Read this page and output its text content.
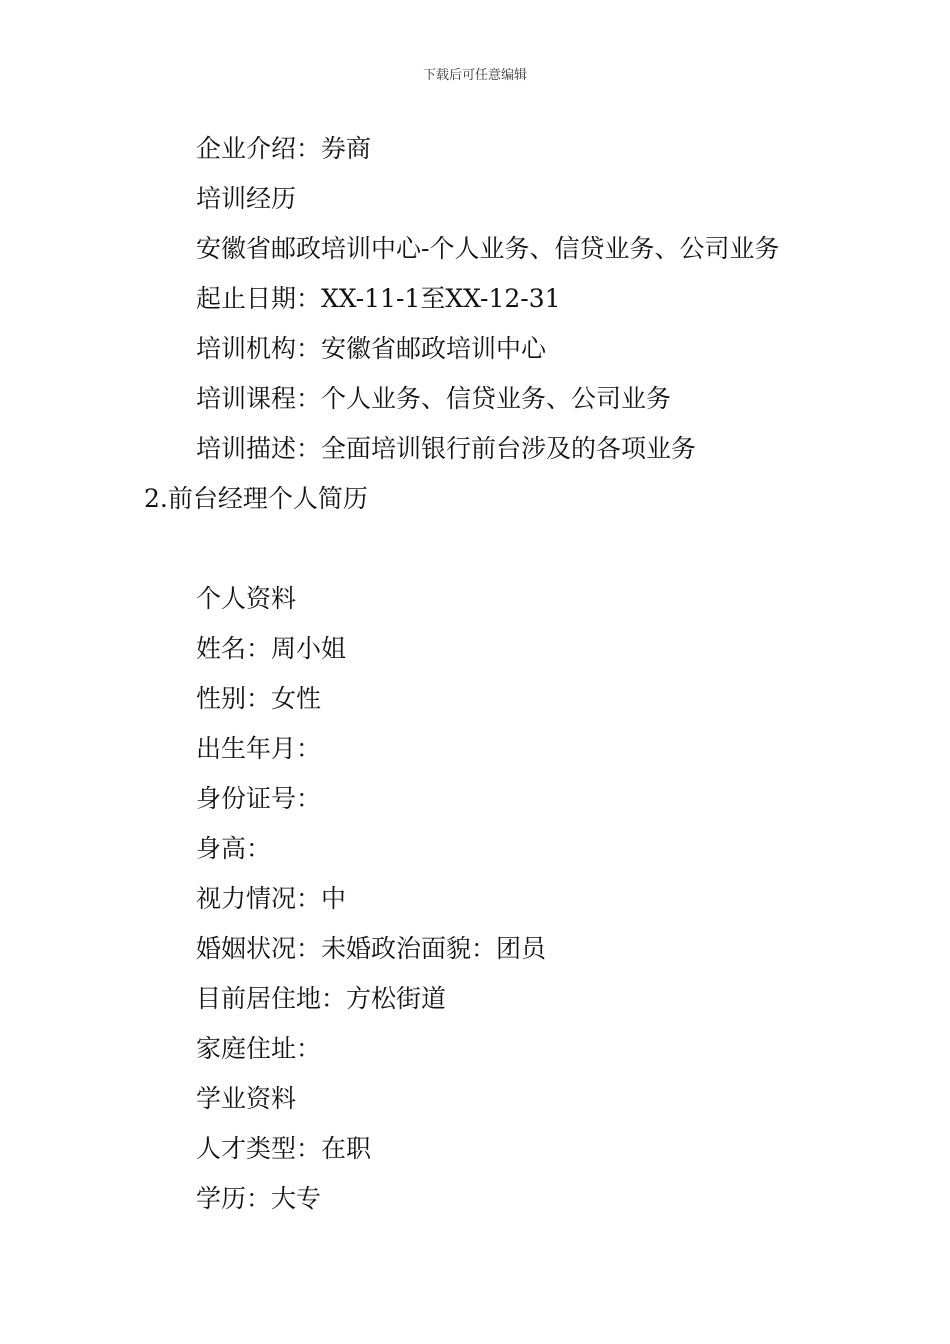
下载后可任意编辑
企业介绍：券商
培训经历
安徽省邮政培训中心-个人业务、信贷业务、公司业务
起止日期：XX-11-1至XX-12-31
培训机构：安徽省邮政培训中心
培训课程：个人业务、信贷业务、公司业务
培训描述：全面培训银行前台涉及的各项业务
2.前台经理个人简历
个人资料
姓名：周小姐
性别：女性
出生年月：
身份证号：
身高：
视力情况：中
婚姻状况：未婚政治面貌：团员
目前居住地：方松街道
家庭住址：
学业资料
人才类型：在职
学历：大专
